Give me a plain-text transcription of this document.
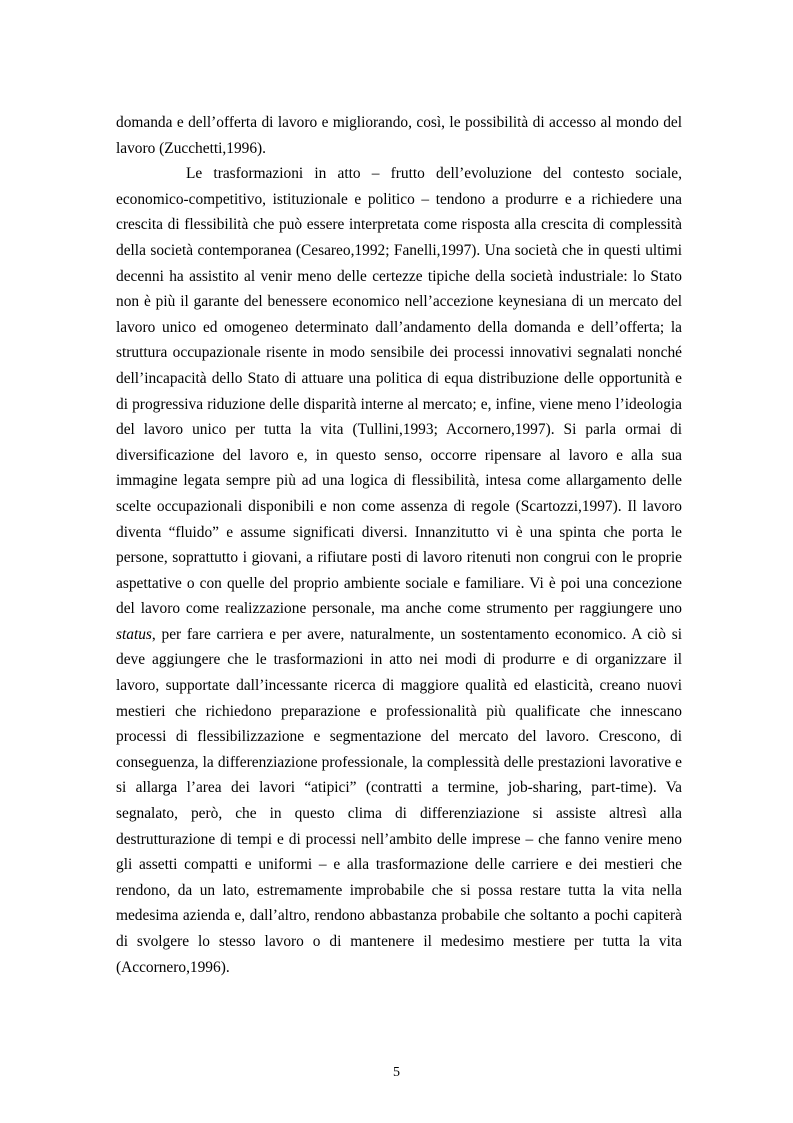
domanda e dell’offerta di lavoro e migliorando, così, le possibilità di accesso al mondo del lavoro (Zucchetti,1996).

Le trasformazioni in atto – frutto dell’evoluzione del contesto sociale, economico-competitivo, istituzionale e politico – tendono a produrre e a richiedere una crescita di flessibilità che può essere interpretata come risposta alla crescita di complessità della società contemporanea (Cesareo,1992; Fanelli,1997). Una società che in questi ultimi decenni ha assistito al venir meno delle certezze tipiche della società industriale: lo Stato non è più il garante del benessere economico nell’accezione keynesiana di un mercato del lavoro unico ed omogeneo determinato dall’andamento della domanda e dell’offerta; la struttura occupazionale risente in modo sensibile dei processi innovativi segnalati nonché dell’incapacità dello Stato di attuare una politica di equa distribuzione delle opportunità e di progressiva riduzione delle disparità interne al mercato; e, infine, viene meno l’ideologia del lavoro unico per tutta la vita (Tullini,1993; Accornero,1997). Si parla ormai di diversificazione del lavoro e, in questo senso, occorre ripensare al lavoro e alla sua immagine legata sempre più ad una logica di flessibilità, intesa come allargamento delle scelte occupazionali disponibili e non come assenza di regole (Scartozzi,1997). Il lavoro diventa “fluido” e assume significati diversi. Innanzitutto vi è una spinta che porta le persone, soprattutto i giovani, a rifiutare posti di lavoro ritenuti non congrui con le proprie aspettative o con quelle del proprio ambiente sociale e familiare. Vi è poi una concezione del lavoro come realizzazione personale, ma anche come strumento per raggiungere uno status, per fare carriera e per avere, naturalmente, un sostentamento economico. A ciò si deve aggiungere che le trasformazioni in atto nei modi di produrre e di organizzare il lavoro, supportate dall’incessante ricerca di maggiore qualità ed elasticità, creano nuovi mestieri che richiedono preparazione e professionalità più qualificate che innescano processi di flessibilizzazione e segmentazione del mercato del lavoro. Crescono, di conseguenza, la differenziazione professionale, la complessità delle prestazioni lavorative e si allarga l’area dei lavori “atipici” (contratti a termine, job-sharing, part-time). Va segnalato, però, che in questo clima di differenziazione si assiste altresì alla destrutturazione di tempi e di processi nell’ambito delle imprese – che fanno venire meno gli assetti compatti e uniformi – e alla trasformazione delle carriere e dei mestieri che rendono, da un lato, estremamente improbabile che si possa restare tutta la vita nella medesima azienda e, dall’altro, rendono abbastanza probabile che soltanto a pochi capiterà di svolgere lo stesso lavoro o di mantenere il medesimo mestiere per tutta la vita (Accornero,1996).

5
